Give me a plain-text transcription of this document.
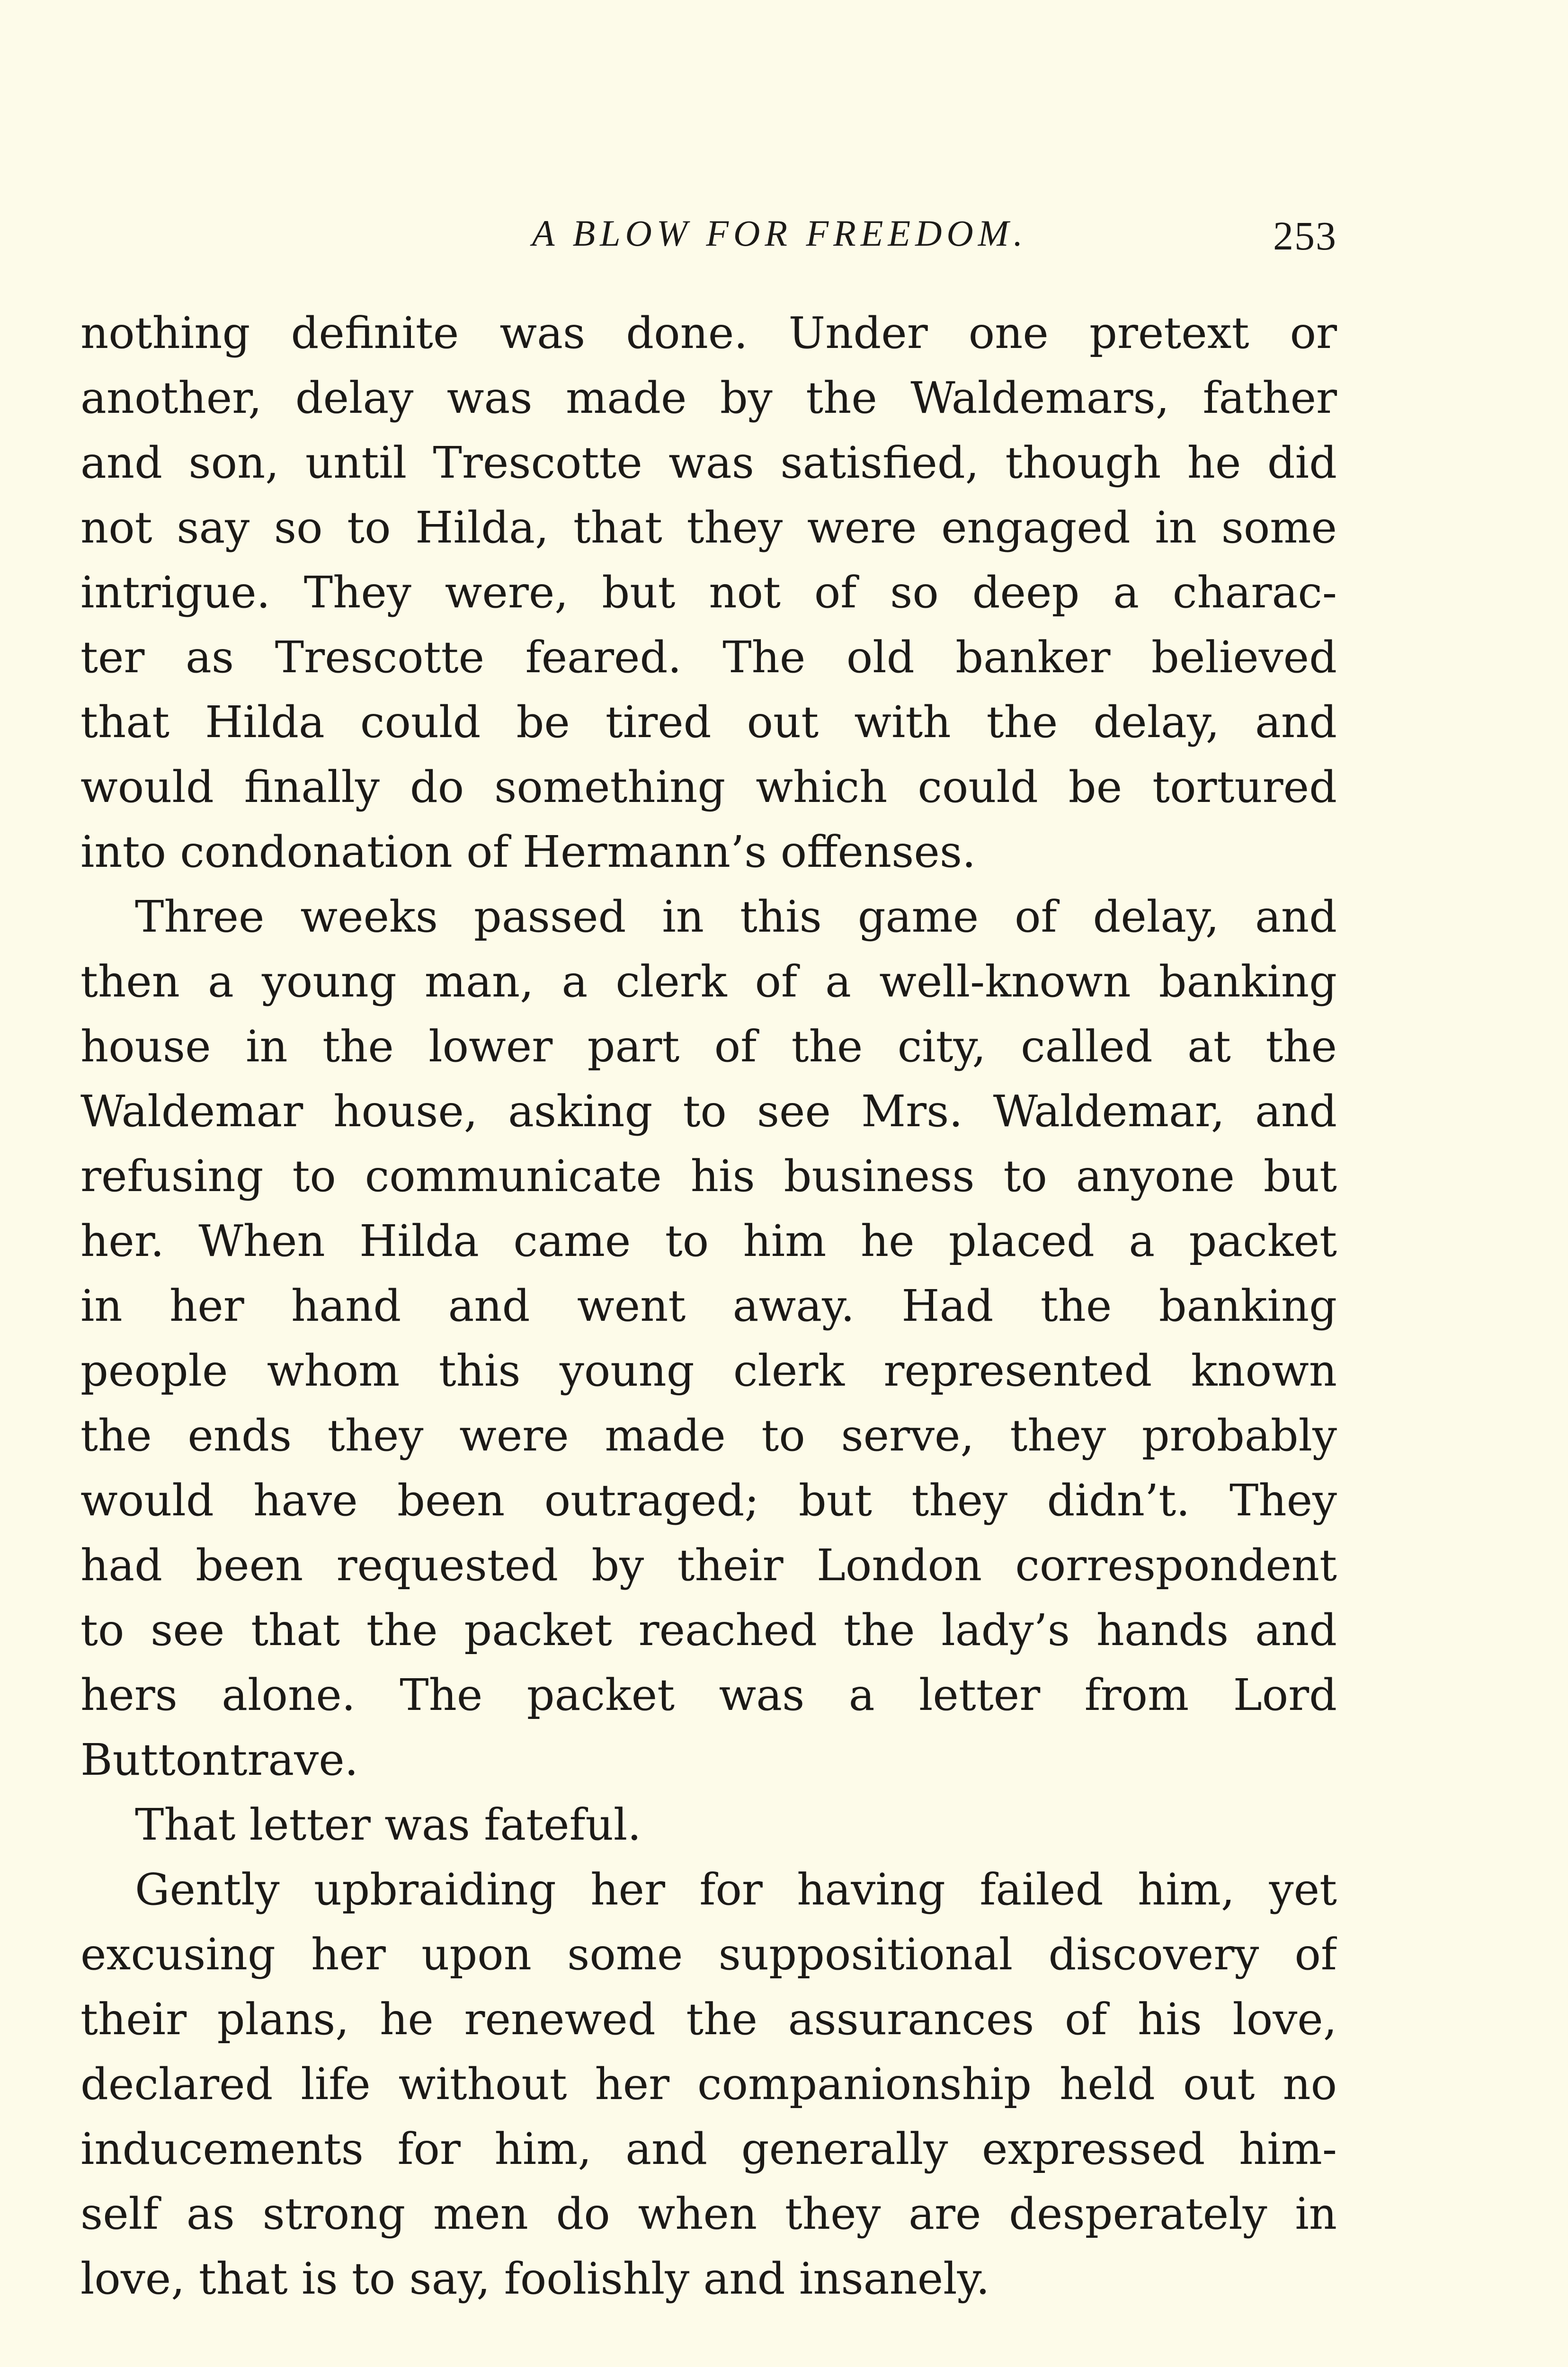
A BLOW FOR FREEDOM.	253
nothing definite was done. Under one pretext or
another, delay was made by the Waldemars, father
and son, until Trescotte was satisfied, though he did
not say so to Hilda, that they were engaged in some
intrigue. They were, but not of so deep a charac-
ter as Trescotte feared. The old banker believed
that Hilda could be tired out with the delay, and
would finally do something which could be tortured
into condonation of Hermann’s offenses.
Three weeks passed in this game of delay, and
then a young man, a clerk of a well-known banking
house in the lower part of the city, called at the
Waldemar house, asking to see Mrs. Waldemar, and
refusing to communicate his business to anyone but
her. When Hilda came to him he placed a packet
in her hand and went away. Had the banking
people whom this young clerk represented known
the ends they were made to serve, they probably
would have been outraged; but they didn’t. They
had been requested by their London correspondent
to see that the packet reached the lady’s hands and
hers alone. The packet was a letter from Lord
Buttontrave.
That letter was fateful.
Gently upbraiding her for having failed him, yet
excusing her upon some suppositional discovery of
their plans, he renewed the assurances of his love,
declared life without her companionship held out no
inducements for him, and generally expressed him-
self as strong men do when they are desperately in
love, that is to say, foolishly and insanely.
